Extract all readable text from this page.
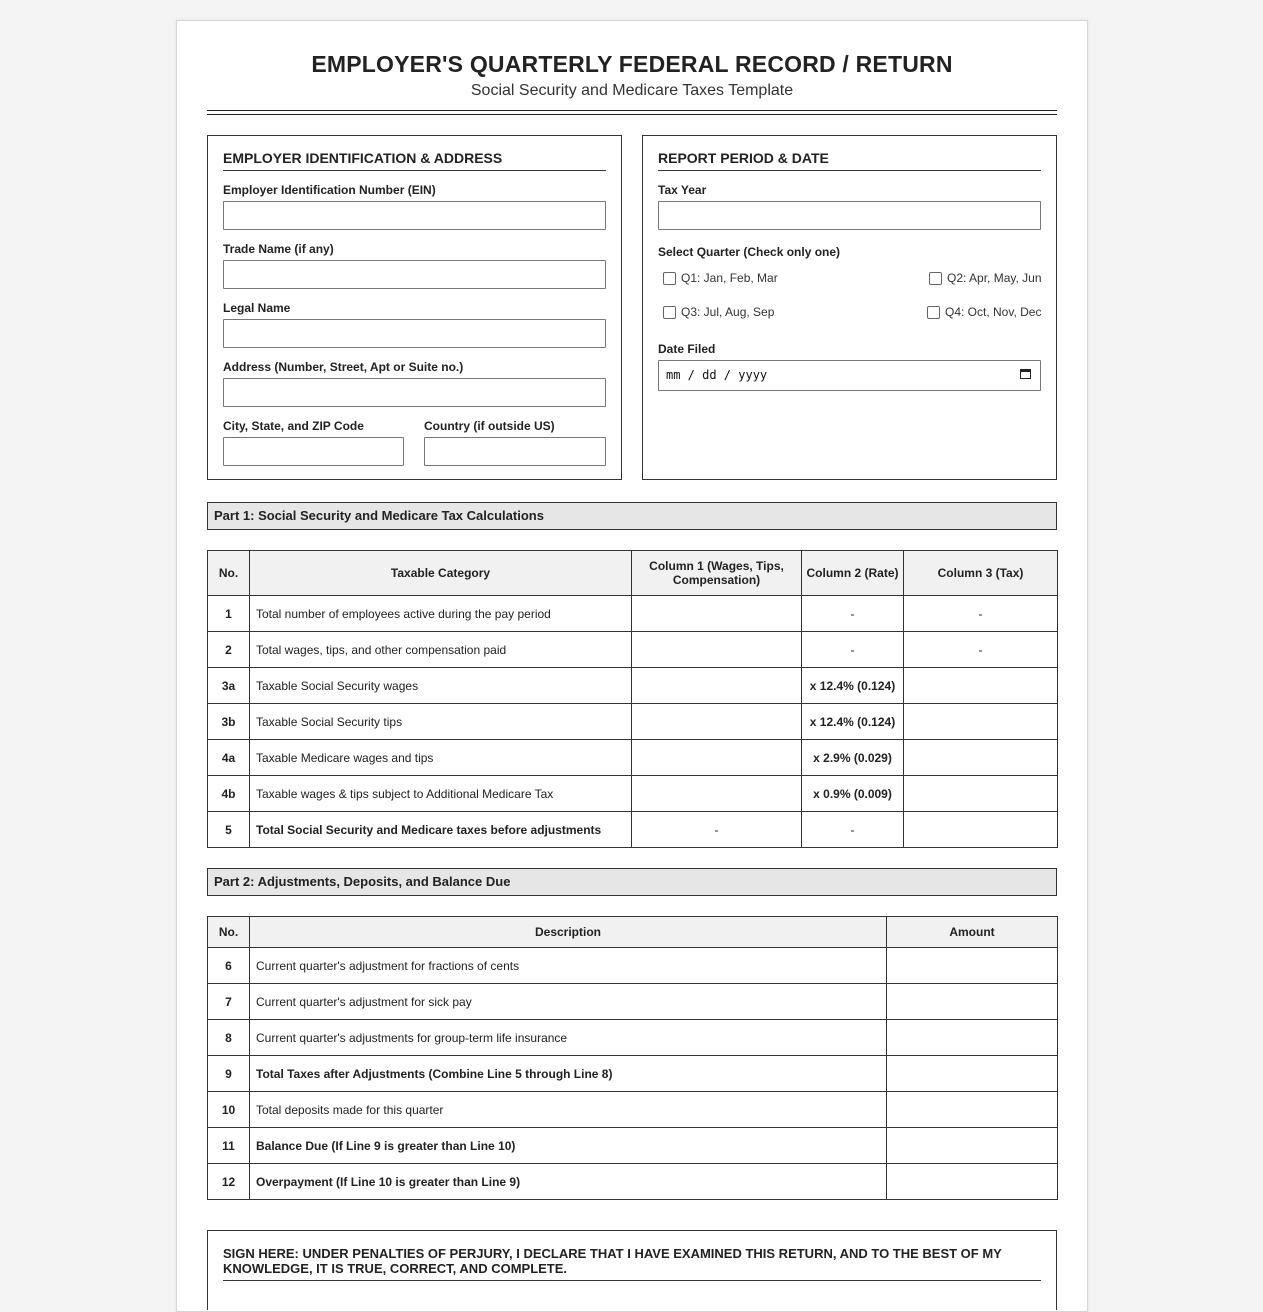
EMPLOYER'S QUARTERLY FEDERAL RECORD / RETURN
Social Security and Medicare Taxes Template
EMPLOYER IDENTIFICATION & ADDRESS
Employer Identification Number (EIN)
Trade Name (if any)
Legal Name
Address (Number, Street, Apt or Suite no.)
City, State, and ZIP Code	Country (if outside US)
REPORT PERIOD & DATE
Tax Year
Select Quarter (Check only one)
Q1: Jan, Feb, Mar	Q2: Apr, May, Jun
Q3: Jul, Aug, Sep	Q4: Oct, Nov, Dec
Date Filed
mm / dd / yyyy
Part 1: Social Security and Medicare Tax Calculations
No.	Taxable Category	Column 1 (Wages, Tips, Compensation)	Column 2 (Rate)	Column 3 (Tax)
1	Total number of employees active during the pay period		-	-
2	Total wages, tips, and other compensation paid		-	-
3a	Taxable Social Security wages		x 12.4% (0.124)	
3b	Taxable Social Security tips		x 12.4% (0.124)	
4a	Taxable Medicare wages and tips		x 2.9% (0.029)	
4b	Taxable wages & tips subject to Additional Medicare Tax		x 0.9% (0.009)	
5	Total Social Security and Medicare taxes before adjustments	-	-	
Part 2: Adjustments, Deposits, and Balance Due
No.	Description	Amount
6	Current quarter's adjustment for fractions of cents	
7	Current quarter's adjustment for sick pay	
8	Current quarter's adjustments for group-term life insurance	
9	Total Taxes after Adjustments (Combine Line 5 through Line 8)	
10	Total deposits made for this quarter	
11	Balance Due (If Line 9 is greater than Line 10)	
12	Overpayment (If Line 10 is greater than Line 9)	
SIGN HERE: UNDER PENALTIES OF PERJURY, I DECLARE THAT I HAVE EXAMINED THIS RETURN, AND TO THE BEST OF MY KNOWLEDGE, IT IS TRUE, CORRECT, AND COMPLETE.
